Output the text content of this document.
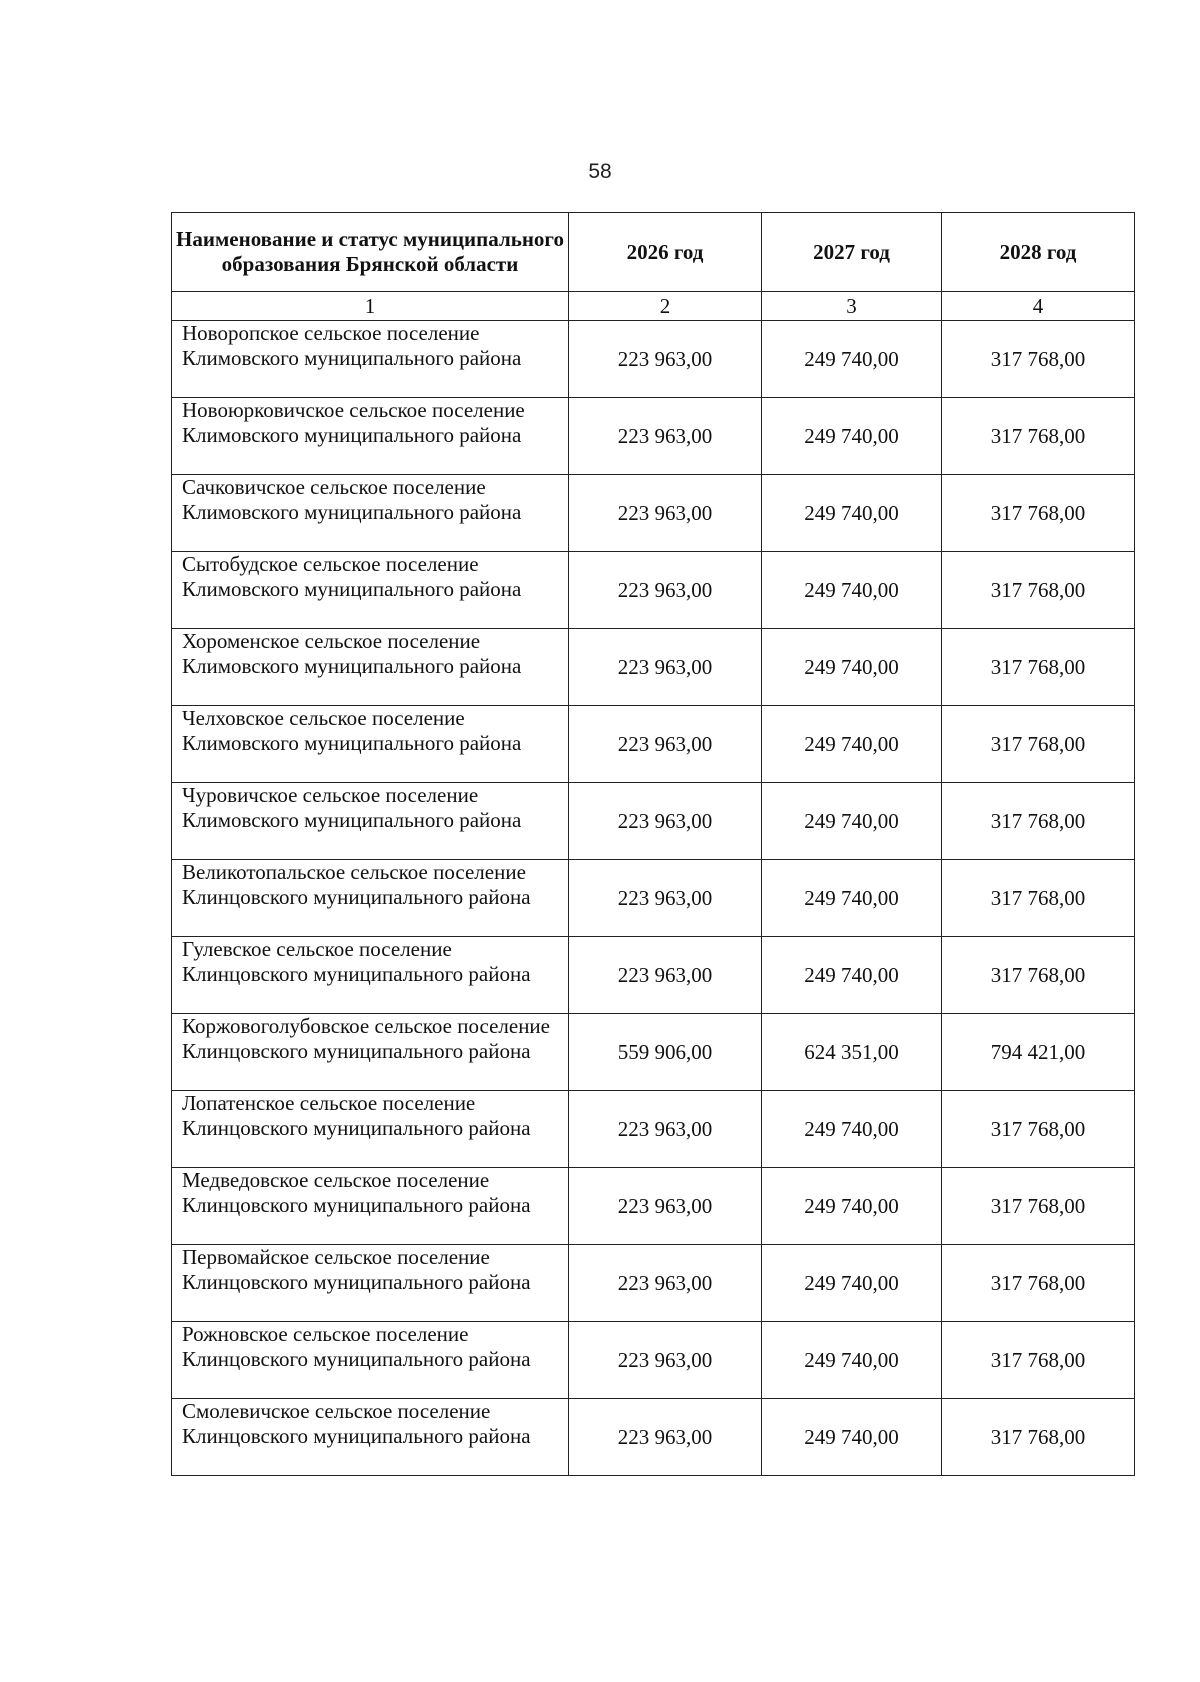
58
Наименование и статус муниципального образования Брянской области	2026 год	2027 год	2028 год
1	2	3	4
Новоропское сельское поселение Климовского муниципального района	223 963,00	249 740,00	317 768,00
Новоюрковичское сельское поселение Климовского муниципального района	223 963,00	249 740,00	317 768,00
Сачковичское сельское поселение Климовского муниципального района	223 963,00	249 740,00	317 768,00
Сытобудское сельское поселение Климовского муниципального района	223 963,00	249 740,00	317 768,00
Хороменское сельское поселение Климовского муниципального района	223 963,00	249 740,00	317 768,00
Челховское сельское поселение Климовского муниципального района	223 963,00	249 740,00	317 768,00
Чуровичское сельское поселение Климовского муниципального района	223 963,00	249 740,00	317 768,00
Великотопальское сельское поселение Клинцовского муниципального района	223 963,00	249 740,00	317 768,00
Гулевское сельское поселение Клинцовского муниципального района	223 963,00	249 740,00	317 768,00
Коржовоголубовское сельское поселение Клинцовского муниципального района	559 906,00	624 351,00	794 421,00
Лопатенское сельское поселение Клинцовского муниципального района	223 963,00	249 740,00	317 768,00
Медведовское сельское поселение Клинцовского муниципального района	223 963,00	249 740,00	317 768,00
Первомайское сельское поселение Клинцовского муниципального района	223 963,00	249 740,00	317 768,00
Рожновское сельское поселение Клинцовского муниципального района	223 963,00	249 740,00	317 768,00
Смолевичское сельское поселение Клинцовского муниципального района	223 963,00	249 740,00	317 768,00
